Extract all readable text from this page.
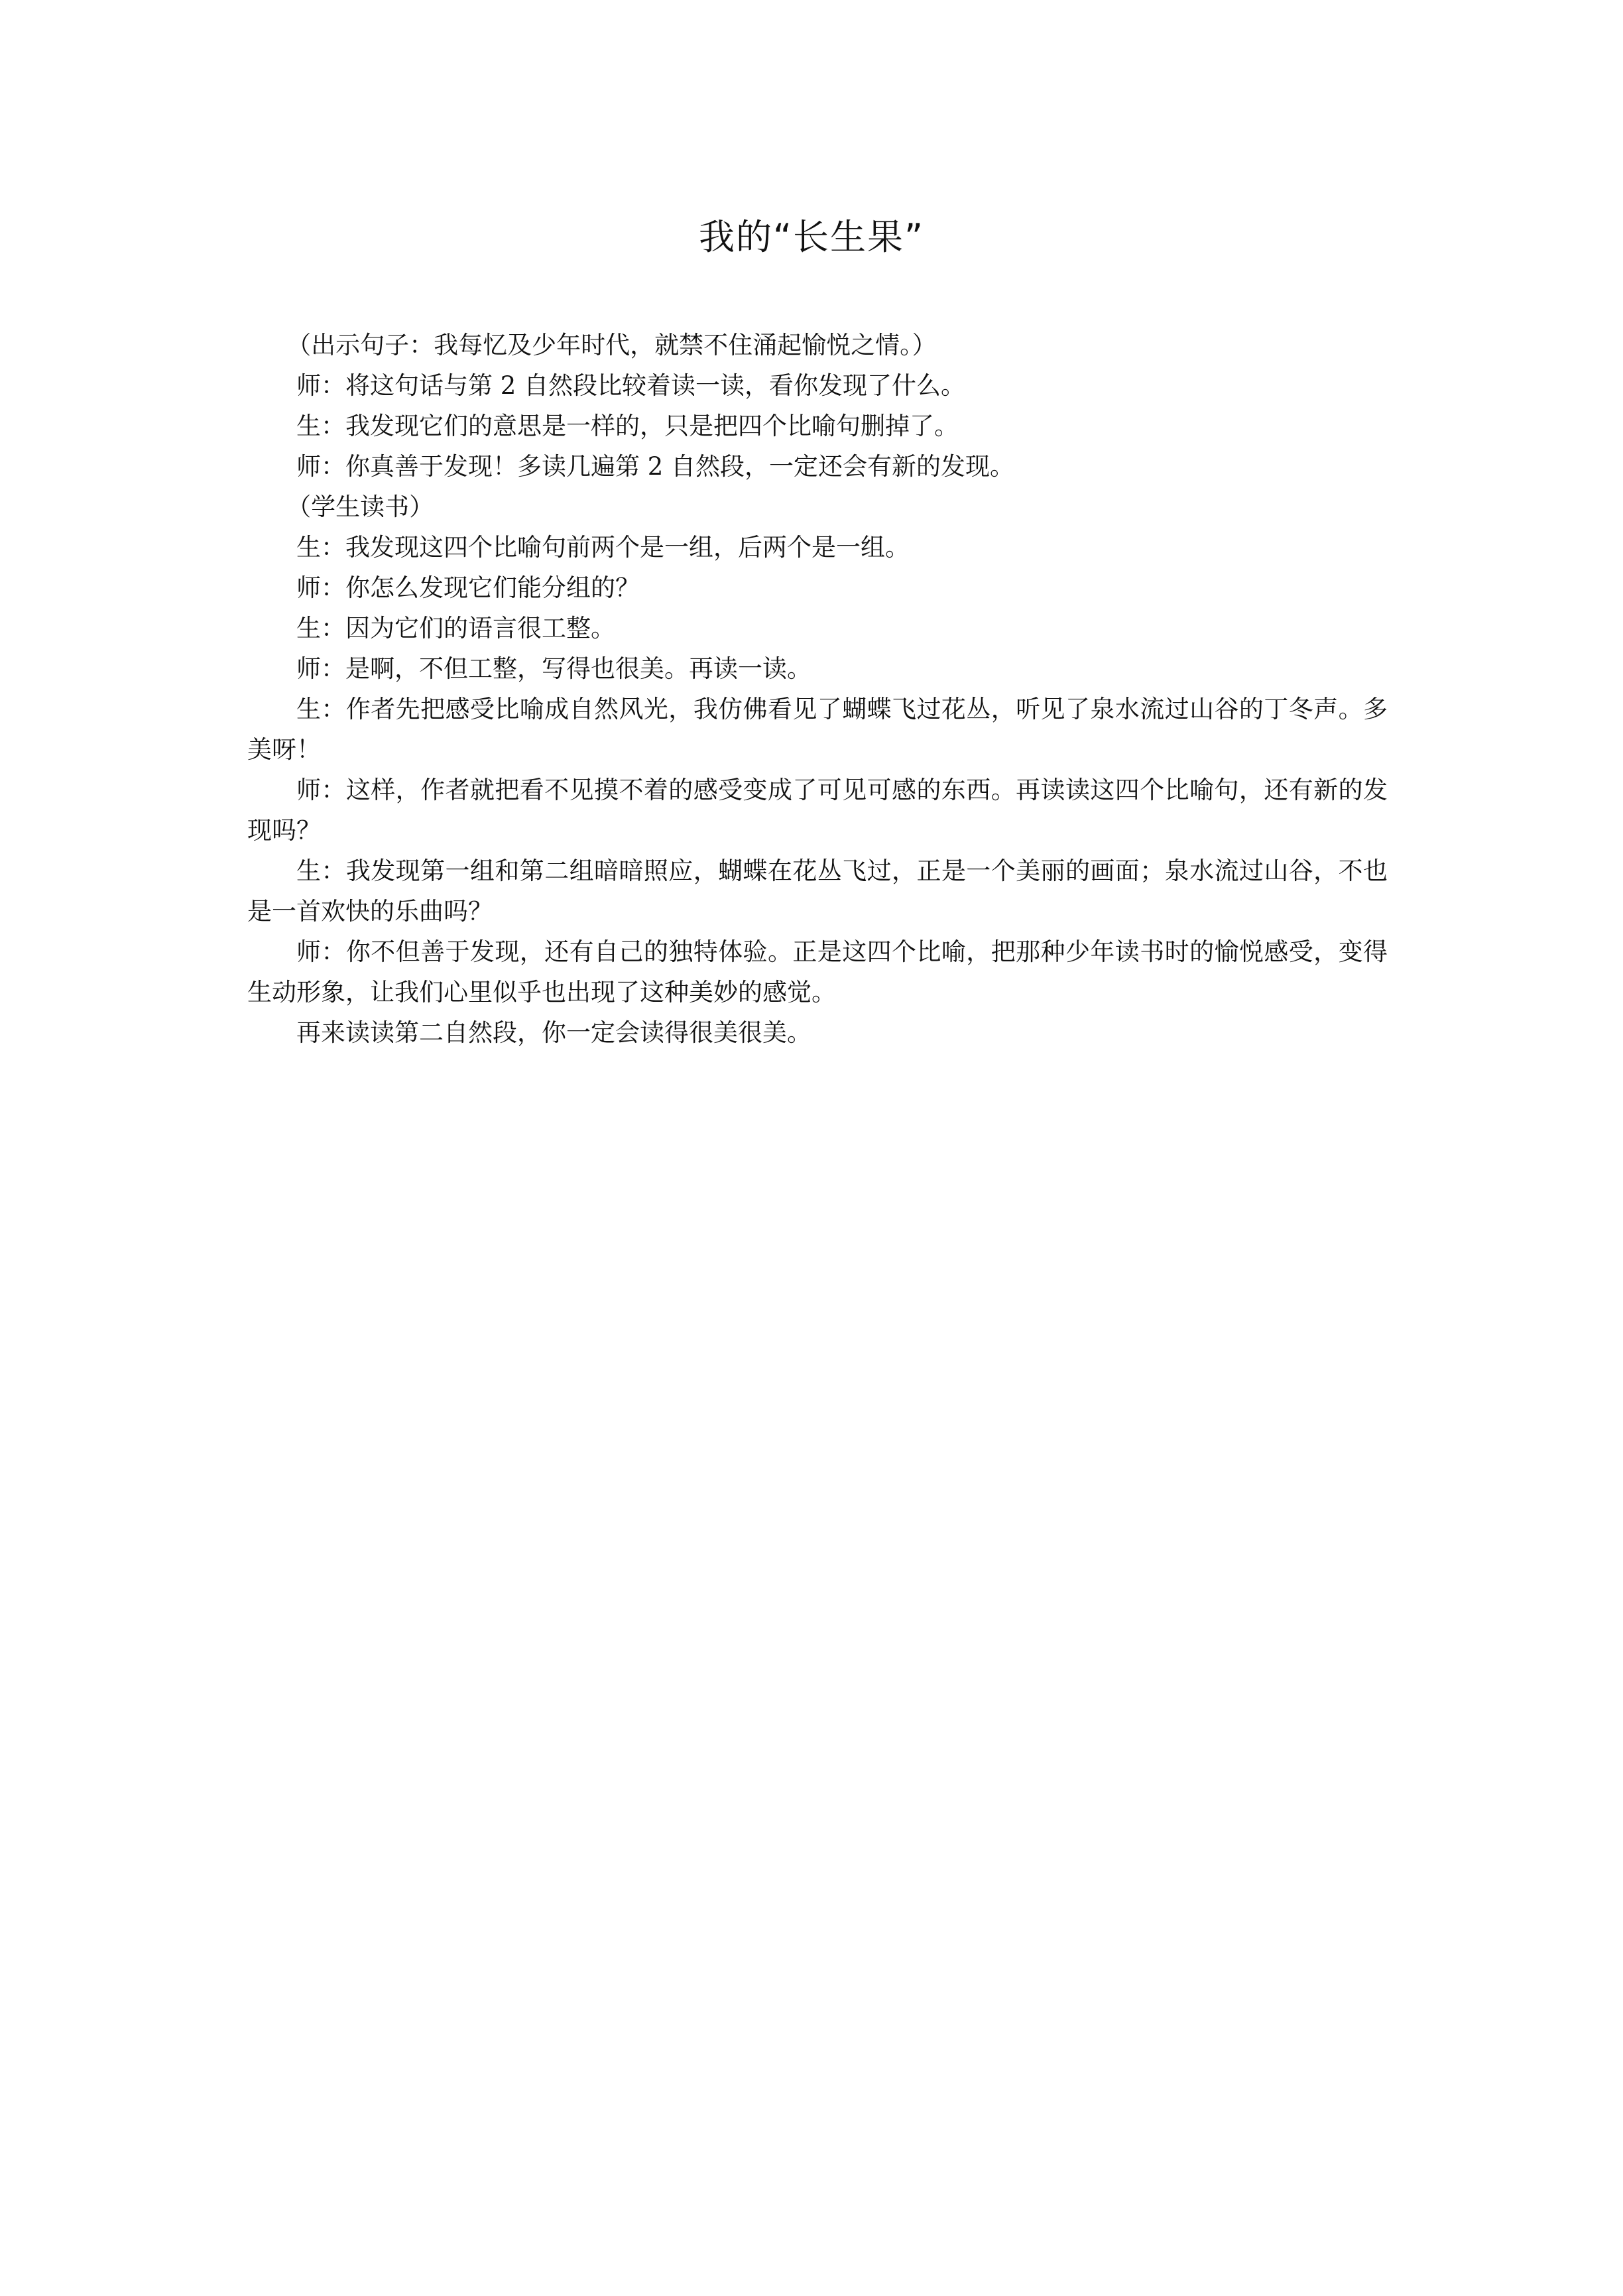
我的“长生果”

（出示句子：我每忆及少年时代，就禁不住涌起愉悦之情。）

师：将这句话与第 2 自然段比较着读一读，看你发现了什么。

生：我发现它们的意思是一样的，只是把四个比喻句删掉了。

师：你真善于发现！多读几遍第 2 自然段，一定还会有新的发现。

（学生读书）

生：我发现这四个比喻句前两个是一组，后两个是一组。

师：你怎么发现它们能分组的？

生：因为它们的语言很工整。

师：是啊，不但工整，写得也很美。再读一读。

生：作者先把感受比喻成自然风光，我仿佛看见了蝴蝶飞过花丛，听见了泉水流过山谷的丁冬声。多美呀！

师：这样，作者就把看不见摸不着的感受变成了可见可感的东西。再读读这四个比喻句，还有新的发现吗？

生：我发现第一组和第二组暗暗照应，蝴蝶在花丛飞过，正是一个美丽的画面；泉水流过山谷，不也是一首欢快的乐曲吗？

师：你不但善于发现，还有自己的独特体验。正是这四个比喻，把那种少年读书时的愉悦感受，变得生动形象，让我们心里似乎也出现了这种美妙的感觉。

再来读读第二自然段，你一定会读得很美很美。
